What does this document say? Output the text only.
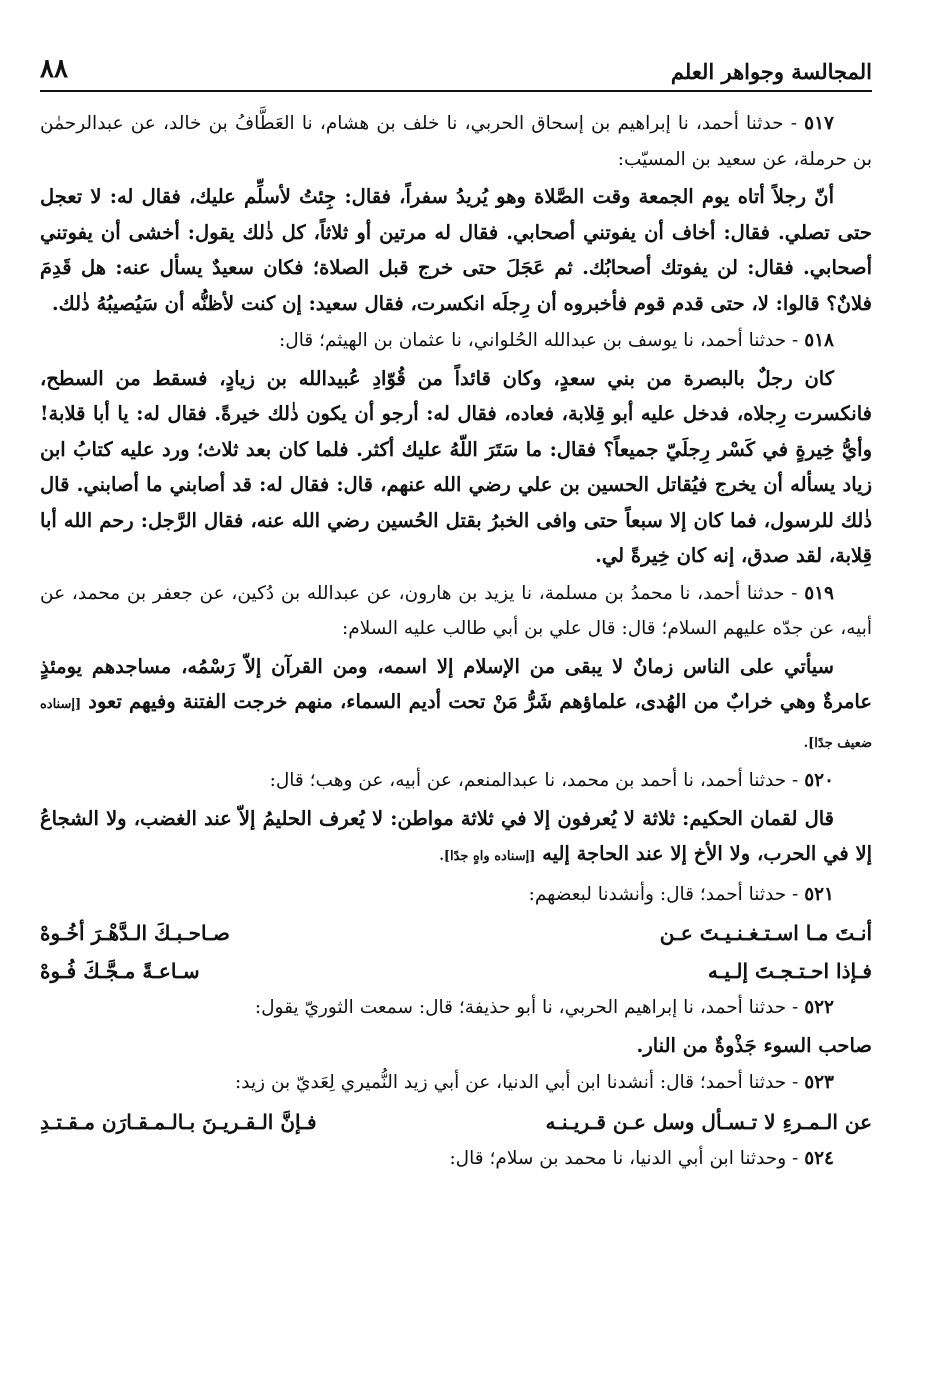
المجالسة وجواهر العلم
٨٨

٥١٧ - حدثنا أحمد، نا إبراهيم بن إسحاق الحربي، نا خلف بن هشام، نا العَطَّافُ بن خالد، عن عبدالرحمٰن بن حرملة، عن سعيد بن المسيّب:

أنّ رجلاً أتاه يوم الجمعة وقت الصَّلاة وهو يُريدُ سفراً، فقال: جِئتُ لأسلِّم عليك، فقال له: لا تعجل حتى تصلي. فقال: أخاف أن يفوتني أصحابي. فقال له مرتين أو ثلاثاً، كل ذٰلك يقول: أخشى أن يفوتني أصحابي. فقال: لن يفوتك أصحابُك. ثم عَجَلَ حتى خرج قبل الصلاة؛ فكان سعيدٌ يسأل عنه: هل قَدِمَ فلانٌ؟ قالوا: لا، حتى قدم قوم فأخبروه أن رِجلَه انكسرت، فقال سعيد: إن كنت لأظنُّه أن سَيُصيبُهُ ذٰلك.

٥١٨ - حدثنا أحمد، نا يوسف بن عبدالله الحُلواني، نا عثمان بن الهيثم؛ قال:

كان رجلٌ بالبصرة من بني سعدٍ، وكان قائداً من قُوّادِ عُبيدالله بن زيادٍ، فسقط من السطح، فانكسرت رِجلاه، فدخل عليه أبو قِلابة، فعاده، فقال له: أرجو أن يكون ذٰلك خيرةً. فقال له: يا أبا قلابة! وأيُّ خِيرةٍ في كَسْر رِجلَيّ جميعاً؟ فقال: ما سَتَرَ اللّهُ عليك أكثر. فلما كان بعد ثلاث؛ ورد عليه كتابُ ابن زياد يسأله أن يخرج فيُقاتل الحسين بن علي رضي الله عنهم، قال: فقال له: قد أصابني ما أصابني. قال ذٰلك للرسول، فما كان إلا سبعاً حتى وافى الخبرُ بقتل الحُسين رضي الله عنه، فقال الرَّجل: رحم الله أبا قِلابة، لقد صدق، إنه كان خِيرةً لي.

٥١٩ - حدثنا أحمد، نا محمدُ بن مسلمة، نا يزيد بن هارون، عن عبدالله بن دُكين، عن جعفر بن محمد، عن أبيه، عن جدّه عليهم السلام؛ قال: قال علي بن أبي طالب عليه السلام:

سيأتي على الناس زمانٌ لا يبقى من الإسلام إلا اسمه، ومن القرآن إلاّ رَسْمُه، مساجدهم يومئذٍ عامرةٌ وهي خرابٌ من الهُدى، علماؤهم شَرُّ مَنْ تحت أديم السماء، منهم خرجت الفتنة وفيهم تعود [إسناده ضعيف جدًا].

٥٢٠ - حدثنا أحمد، نا أحمد بن محمد، نا عبدالمنعم، عن أبيه، عن وهب؛ قال:

قال لقمان الحكيم: ثلاثة لا يُعرفون إلا في ثلاثة مواطن: لا يُعرف الحليمُ إلاّ عند الغضب، ولا الشجاعُ إلا في الحرب، ولا الأخ إلا عند الحاجة إليه [إسناده واهٍ جدًا].

٥٢١ - حدثنا أحمد؛ قال: وأنشدنا لبعضهم:

أنـتَ مـا اسـتـغـنـيـتَ عـن
صـاحـبـكَ الـدَّهْـرَ أخُـوهْ
فـإذا احـتـجـتَ إلـيـه
سـاعـةً مـجَّـكَ فُـوهْ

٥٢٢ - حدثنا أحمد، نا إبراهيم الحربي، نا أبو حذيفة؛ قال: سمعت الثوريّ يقول:

صاحب السوء جَذْوةٌ من النار.

٥٢٣ - حدثنا أحمد؛ قال: أنشدنا ابن أبي الدنيا، عن أبي زيد النُّميري لِعَديّ بن زيد:

عن الـمـرءِ لا تـسـأل وسل عـن قـريـنـه
فـإنَّ الـقـريـنَ بـالـمـقـارَن مـقـتـدِ

٥٢٤ - وحدثنا ابن أبي الدنيا، نا محمد بن سلام؛ قال:
